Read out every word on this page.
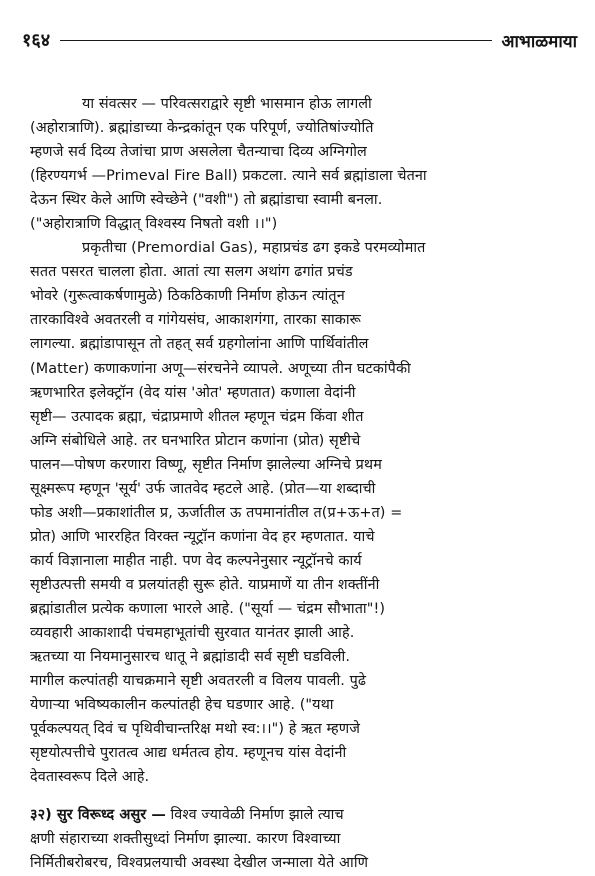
१६४	आभाळमाया
या संवत्सर — परिवत्सराद्वारे सृष्टी भासमान होऊ लागली
(अहोरात्राणि). ब्रह्मांडाच्या केन्द्रकांतून एक परिपूर्ण, ज्योतिषांज्योति
म्हणजे सर्व दिव्य तेजांचा प्राण असलेला चैतन्याचा दिव्य अग्निगोल
(हिरण्यगर्भ —Primeval Fire Ball) प्रकटला. त्याने सर्व ब्रह्मांडाला चेतना
देऊन स्थिर केले आणि स्वेच्छेने ("वशी") तो ब्रह्मांडाचा स्वामी बनला.
("अहोरात्राणि विद्धात् विश्वस्य निषतो वशी ।।")
प्रकृतीचा (Premordial Gas), महाप्रचंड ढग इकडे परमव्योमात
सतत पसरत चालला होता. आतां त्या सलग अथांग ढगांत प्रचंड
भोवरे (गुरूत्वाकर्षणामुळे) ठिकठिकाणी निर्माण होऊन त्यांतून
तारकाविश्वे अवतरली व गांगेयसंघ, आकाशगंगा, तारका साकारू
लागल्या. ब्रह्मांडापासून तो तहत् सर्व ग्रहगोलांना आणि पार्थिवांतील
(Matter) कणाकणांना अणू—संरचनेने व्यापले. अणूच्या तीन घटकांपैकी
ऋणभारित इलेक्ट्रॉन (वेद यांस 'ओत' म्हणतात) कणाला वेदांनी
सृष्टी— उत्पादक ब्रह्मा, चंद्राप्रमाणे शीतल म्हणून चंद्रम किंवा शीत
अग्नि संबोधिले आहे. तर घनभारित प्रोटान कणांना (प्रोत) सृष्टीचे
पालन—पोषण करणारा विष्णू, सृष्टीत निर्माण झालेल्या अग्निचे प्रथम
सूक्ष्मरूप म्हणून 'सूर्य' उर्फ जातवेद म्हटले आहे. (प्रोत—या शब्दाची
फोड अशी—प्रकाशांतील प्र, ऊर्जातील ऊ तपमानांतील त(प्र+ऊ+त) =
प्रोत) आणि भाररहित विरक्त न्यूट्रॉन कणांना वेद हर म्हणतात. याचे
कार्य विज्ञानाला माहीत नाही. पण वेद कल्पनेनुसार न्यूट्रॉनचे कार्य
सृष्टीउत्पत्ती समयी व प्रलयांतही सुरू होते. याप्रमाणें या तीन शक्तींनी
ब्रह्मांडातील प्रत्येक कणाला भारले आहे. ("सूर्या — चंद्रम सौभाता"!)
व्यवहारी आकाशादी पंचमहाभूतांची सुरवात यानंतर झाली आहे.
ऋतच्या या नियमानुसारच धातू ने ब्रह्मांडादी सर्व सृष्टी घडविली.
मागील कल्पांतही याचक्रमाने सृष्टी अवतरली व विलय पावली. पुढे
येणाऱ्या भविष्यकालीन कल्पांतही हेच घडणार आहे. ("यथा
पूर्वकल्पयत् दिवं च पृथिवीचान्तरिक्ष मथो स्व:।।") हे ऋत म्हणजे
सृष्टयोत्पत्तीचे पुरातत्व आद्य धर्मतत्व होय. म्हणूनच यांस वेदांनी
देवतास्वरूप दिले आहे.
३२) सुर विरूध्द असुर — विश्व ज्यावेळी निर्माण झाले त्याच
क्षणी संहाराच्या शक्तीसुध्दां निर्माण झाल्या. कारण विश्वाच्या
निर्मितीबरोबरच, विश्वप्रलयाची अवस्था देखील जन्माला येते आणि
